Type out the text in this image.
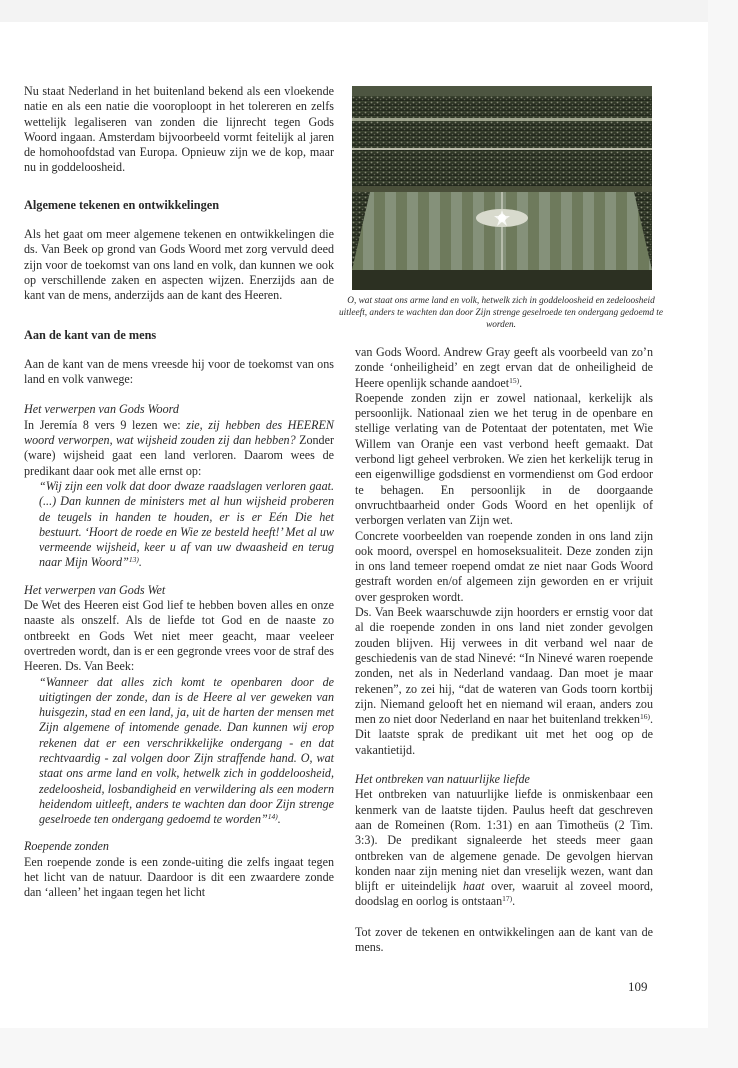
Nu staat Nederland in het buitenland bekend als een vloekende natie en als een natie die vooroploopt in het tolereren en zelfs wettelijk legaliseren van zonden die lijnrecht tegen Gods Woord ingaan. Amsterdam bijvoorbeeld vormt feitelijk al jaren de homohoofdstad van Europa. Opnieuw zijn we de kop, maar nu in goddeloosheid.

Algemene tekenen en ontwikkelingen

Als het gaat om meer algemene tekenen en ontwikkelingen die ds. Van Beek op grond van Gods Woord met zorg vervuld deed zijn voor de toekomst van ons land en volk, dan kunnen we ook op verschillende zaken en aspecten wijzen. Enerzijds aan de kant van de mens, anderzijds aan de kant des Heeren.

Aan de kant van de mens

Aan de kant van de mens vreesde hij voor de toekomst van ons land en volk vanwege:

Het verwerpen van Gods Woord

In Jeremía 8 vers 9 lezen we: zie, zij hebben des HEEREN woord verworpen, wat wijsheid zouden zij dan hebben? Zonder (ware) wijsheid gaat een land verloren. Daarom wees de predikant daar ook met alle ernst op:

“Wij zijn een volk dat door dwaze raadslagen verloren gaat. (...) Dan kunnen de ministers met al hun wijsheid proberen de teugels in handen te houden, er is er Eén Die het bestuurt. ‘Hoort de roede en Wie ze besteld heeft!’ Met al uw vermeende wijsheid, keer u af van uw dwaasheid en terug naar Mijn Woord”$^{13)}$.

Het verwerpen van Gods Wet

De Wet des Heeren eist God lief te hebben boven alles en onze naaste als onszelf. Als de liefde tot God en de naaste zo ontbreekt en Gods Wet niet meer geacht, maar veeleer overtreden wordt, dan is er een gegronde vrees voor de straf des Heeren. Ds. Van Beek:

“Wanneer dat alles zich komt te openbaren door de uitigtingen der zonde, dan is de Heere al ver geweken van huisgezin, stad en een land, ja, uit de harten der mensen met Zijn algemene of intomende genade. Dan kunnen wij erop rekenen dat er een verschrikkelijke ondergang - en dat rechtvaardig - zal volgen door Zijn straffende hand. O, wat staat ons arme land en volk, hetwelk zich in goddeloosheid, zedeloosheid, losbandigheid en verwildering als een modern heidendom uitleeft, anders te wachten dan door Zijn strenge geselroede ten ondergang gedoemd te worden”$^{14)}$.

Roepende zonden

Een roepende zonde is een zonde-uiting die zelfs ingaat tegen het licht van de natuur. Daardoor is dit een zwaardere zonde dan ‘alleen’ het ingaan tegen het licht

O, wat staat ons arme land en volk, hetwelk zich in goddeloosheid en zedeloosheid uitleeft, anders te wachten dan door Zijn strenge geselroede ten ondergang gedoemd te worden.

van Gods Woord. Andrew Gray geeft als voorbeeld van zo’n zonde ‘onheiligheid’ en zegt ervan dat de onheiligheid de Heere openlijk schande aandoet$^{15)}$.

Roepende zonden zijn er zowel nationaal, kerkelijk als persoonlijk. Nationaal zien we het terug in de openbare en stellige verlating van de Potentaat der potentaten, met Wie Willem van Oranje een vast verbond heeft gemaakt. Dat verbond ligt geheel verbroken. We zien het kerkelijk terug in een eigenwillige godsdienst en vormendienst om God erdoor te behagen. En persoonlijk in de doorgaande onvruchtbaarheid onder Gods Woord en het openlijk of verborgen verlaten van Zijn wet.

Concrete voorbeelden van roepende zonden in ons land zijn ook moord, overspel en homoseksualiteit. Deze zonden zijn in ons land temeer roepend omdat ze niet naar Gods Woord gestraft worden en/of algemeen zijn geworden en er vrijuit over gesproken wordt.

Ds. Van Beek waarschuwde zijn hoorders er ernstig voor dat al die roepende zonden in ons land niet zonder gevolgen zouden blijven. Hij verwees in dit verband wel naar de geschiedenis van de stad Ninevé: “In Ninevé waren roepende zonden, net als in Nederland vandaag. Dan moet je maar rekenen”, zo zei hij, “dat de wateren van Gods toorn kortbij zijn. Niemand gelooft het en niemand wil eraan, anders zou men zo niet door Nederland en naar het buitenland trekken$^{16)}$. Dit laatste sprak de predikant uit met het oog op de vakantietijd.

Het ontbreken van natuurlijke liefde

Het ontbreken van natuurlijke liefde is onmiskenbaar een kenmerk van de laatste tijden. Paulus heeft dat geschreven aan de Romeinen (Rom. 1:31) en aan Timotheüs (2 Tim. 3:3). De predikant signaleerde het steeds meer gaan ontbreken van de algemene genade. De gevolgen hiervan konden naar zijn mening niet dan vreselijk wezen, want dan blijft er uiteindelijk haat over, waaruit al zoveel moord, doodslag en oorlog is ontstaan$^{17)}$.

Tot zover de tekenen en ontwikkelingen aan de kant van de mens.

109
